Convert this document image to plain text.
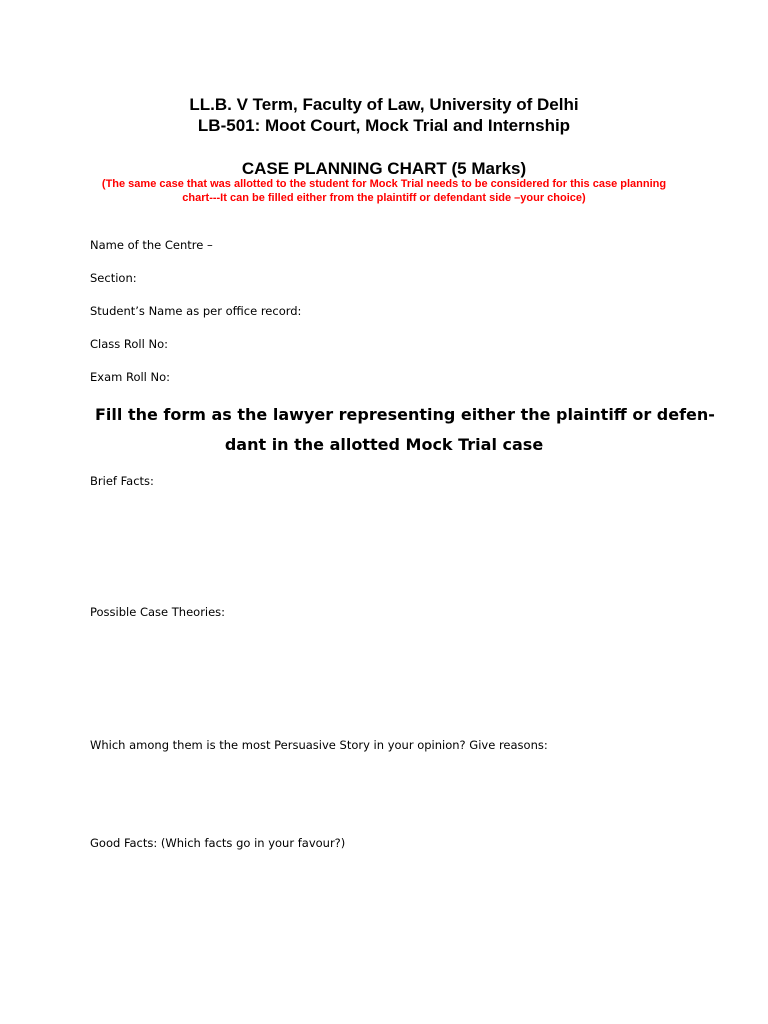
LL.B. V Term, Faculty of Law, University of Delhi
LB-501: Moot Court, Mock Trial and Internship
CASE PLANNING CHART (5 Marks)
(The same case that was allotted to the student for Mock Trial needs to be considered for this case planning
chart---It can be filled either from the plaintiff or defendant side –your choice)
Name of the Centre –
Section:
Student’s Name as per office record:
Class Roll No:
Exam Roll No:
Fill the form as the lawyer representing either the plaintiff or defen-
dant in the allotted Mock Trial case
Brief Facts:
Possible Case Theories:
Which among them is the most Persuasive Story in your opinion? Give reasons:
Good Facts: (Which facts go in your favour?)
